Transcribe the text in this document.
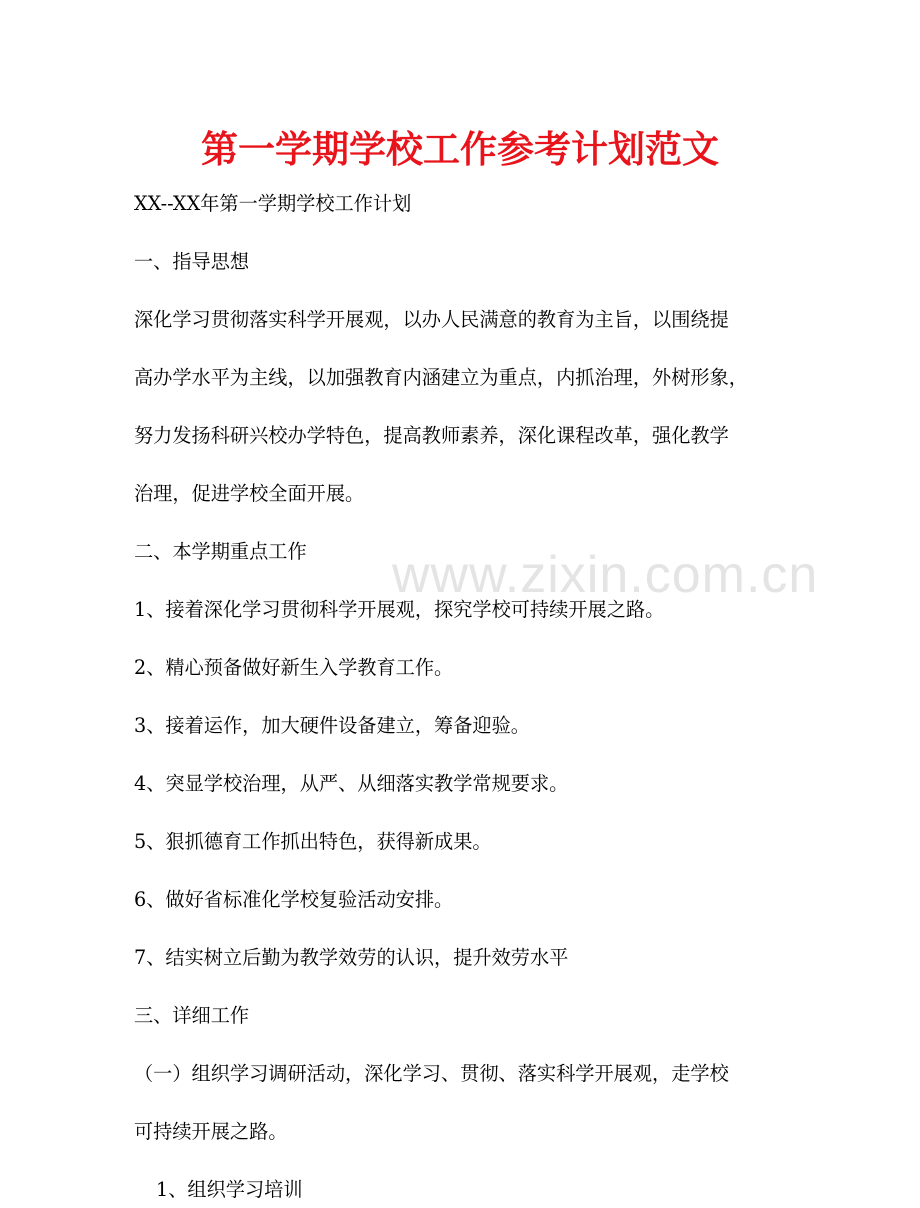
www.zixin.com.cn
第一学期学校工作参考计划范文
XX--XX年第一学期学校工作计划
一、指导思想
深化学习贯彻落实科学开展观，以办人民满意的教育为主旨，以围绕提
高办学水平为主线，以加强教育内涵建立为重点，内抓治理，外树形象，
努力发扬科研兴校办学特色，提高教师素养，深化课程改革，强化教学
治理，促进学校全面开展。
二、本学期重点工作
1、接着深化学习贯彻科学开展观，探究学校可持续开展之路。
2、精心预备做好新生入学教育工作。
3、接着运作，加大硬件设备建立，筹备迎验。
4、突显学校治理，从严、从细落实教学常规要求。
5、狠抓德育工作抓出特色，获得新成果。
6、做好省标准化学校复验活动安排。
7、结实树立后勤为教学效劳的认识，提升效劳水平
三、详细工作
（一）组织学习调研活动，深化学习、贯彻、落实科学开展观，走学校
可持续开展之路。
1、组织学习培训
